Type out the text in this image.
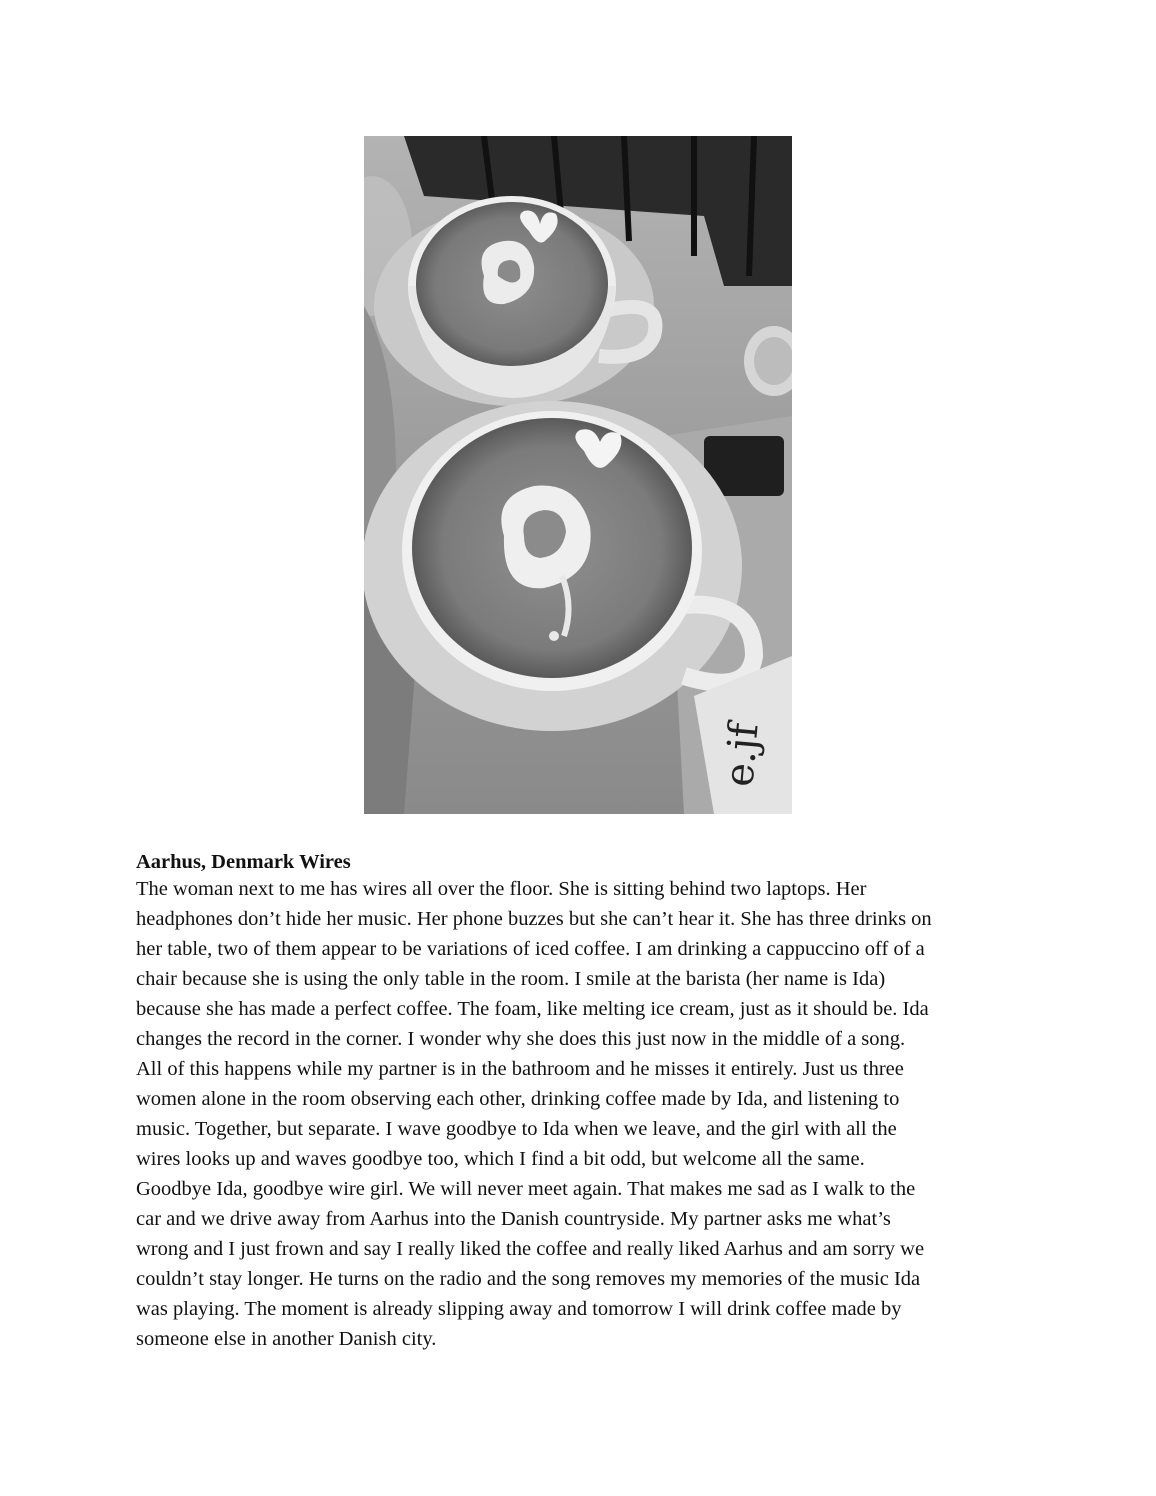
e.jf
Aarhus, Denmark Wires

The woman next to me has wires all over the floor. She is sitting behind two laptops. Her
headphones don’t hide her music. Her phone buzzes but she can’t hear it. She has three drinks on
her table, two of them appear to be variations of iced coffee. I am drinking a cappuccino off of a
chair because she is using the only table in the room. I smile at the barista (her name is Ida)
because she has made a perfect coffee. The foam, like melting ice cream, just as it should be. Ida
changes the record in the corner. I wonder why she does this just now in the middle of a song.
All of this happens while my partner is in the bathroom and he misses it entirely. Just us three
women alone in the room observing each other, drinking coffee made by Ida, and listening to
music. Together, but separate. I wave goodbye to Ida when we leave, and the girl with all the
wires looks up and waves goodbye too, which I find a bit odd, but welcome all the same.
Goodbye Ida, goodbye wire girl. We will never meet again. That makes me sad as I walk to the
car and we drive away from Aarhus into the Danish countryside. My partner asks me what’s
wrong and I just frown and say I really liked the coffee and really liked Aarhus and am sorry we
couldn’t stay longer. He turns on the radio and the song removes my memories of the music Ida
was playing. The moment is already slipping away and tomorrow I will drink coffee made by
someone else in another Danish city.
